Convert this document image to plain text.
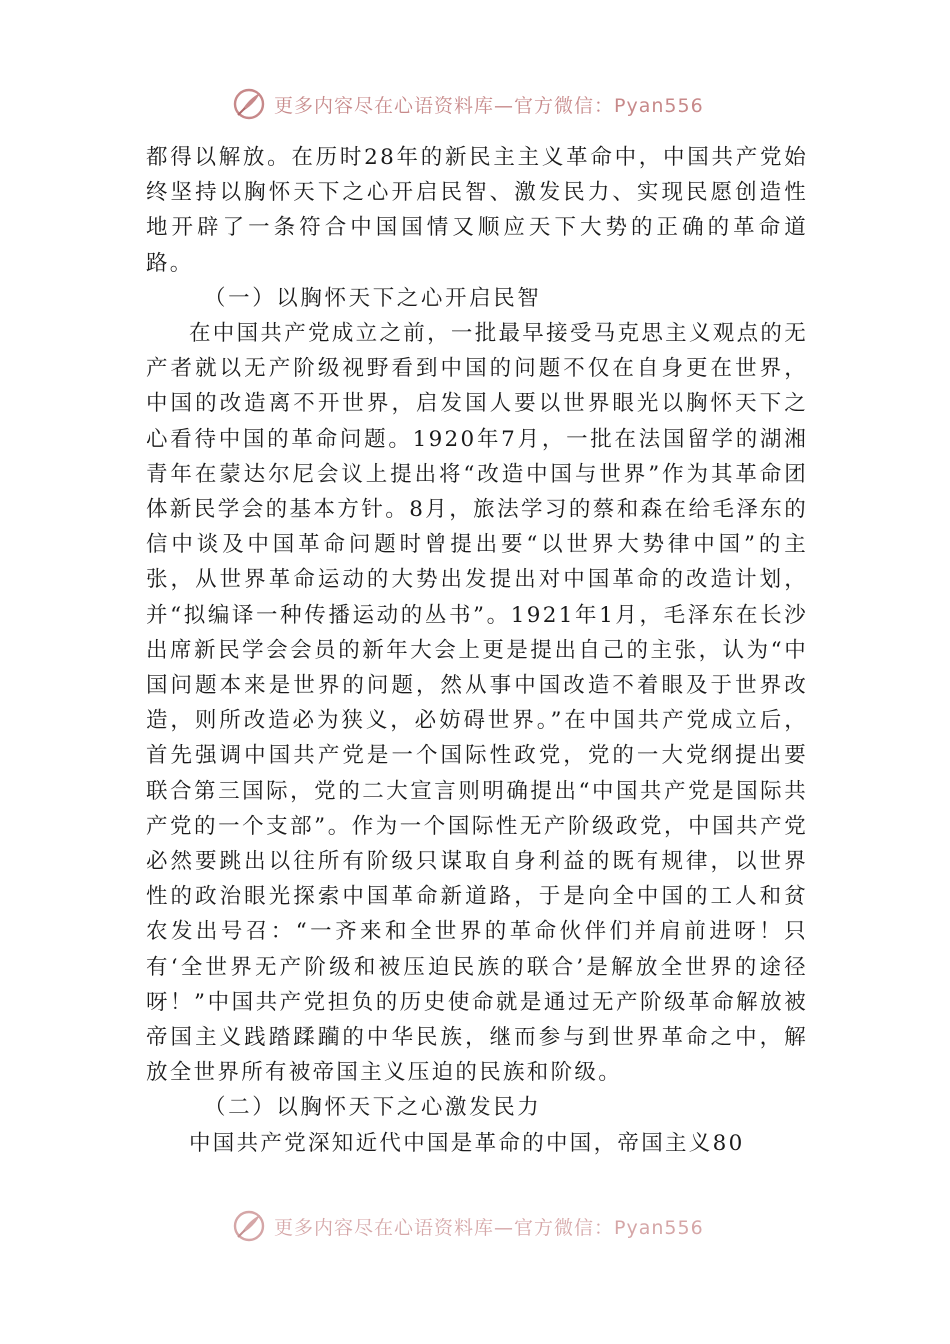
更多内容尽在心语资料库—官方微信：Pyan556

都得以解放。在历时28年的新民主主义革命中，中国共产党始终坚持以胸怀天下之心开启民智、激发民力、实现民愿创造性地开辟了一条符合中国国情又顺应天下大势的正确的革命道路。

（一）以胸怀天下之心开启民智

在中国共产党成立之前，一批最早接受马克思主义观点的无产者就以无产阶级视野看到中国的问题不仅在自身更在世界，中国的改造离不开世界，启发国人要以世界眼光以胸怀天下之心看待中国的革命问题。1920年7月，一批在法国留学的湖湘青年在蒙达尔尼会议上提出将“改造中国与世界”作为其革命团体新民学会的基本方针。8月，旅法学习的蔡和森在给毛泽东的信中谈及中国革命问题时曾提出要“以世界大势律中国”的主张，从世界革命运动的大势出发提出对中国革命的改造计划，并“拟编译一种传播运动的丛书”。1921年1月，毛泽东在长沙出席新民学会会员的新年大会上更是提出自己的主张，认为“中国问题本来是世界的问题，然从事中国改造不着眼及于世界改造，则所改造必为狭义，必妨碍世界。”在中国共产党成立后，首先强调中国共产党是一个国际性政党，党的一大党纲提出要联合第三国际，党的二大宣言则明确提出“中国共产党是国际共产党的一个支部”。作为一个国际性无产阶级政党，中国共产党必然要跳出以往所有阶级只谋取自身利益的既有规律，以世界性的政治眼光探索中国革命新道路，于是向全中国的工人和贫农发出号召：“一齐来和全世界的革命伙伴们并肩前进呀！只有‘全世界无产阶级和被压迫民族的联合’是解放全世界的途径呀！”中国共产党担负的历史使命就是通过无产阶级革命解放被帝国主义践踏蹂躏的中华民族，继而参与到世界革命之中，解放全世界所有被帝国主义压迫的民族和阶级。

（二）以胸怀天下之心激发民力

中国共产党深知近代中国是革命的中国，帝国主义80

更多内容尽在心语资料库—官方微信：Pyan556
